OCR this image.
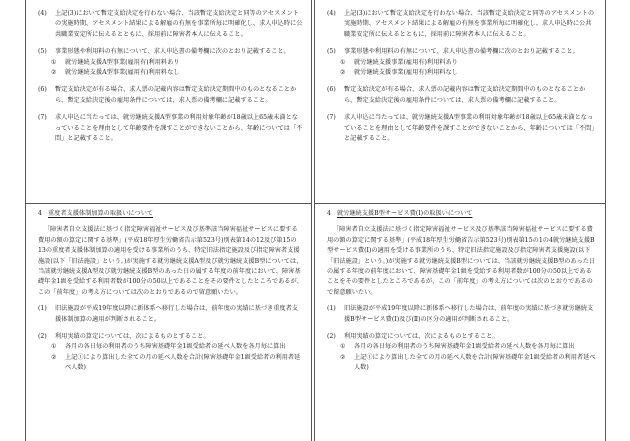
(4) 上記(3)において暫定支給決定を行わない場合、当該暫定支給決定と同等のアセスメントの実施時期、アセスメント結果による解雇の有無を事業所毎に明確化し、求人申込時に公共職業安定所に伝えるとともに、採用前に障害者本人に伝えること。

(5) 事業形態や利用料の有無について、求人申込書の備考欄に次のとおり記載すること。

① 就労継続支援A型事業(雇用有)利用料あり
② 就労継続支援A型事業(雇用有)利用料なし
(6) 暫定支給決定が有る場合、求人票の記載内容は暫定支給決定期間中のものとなることから、暫定支給決定後の雇用条件については、求人票の備考欄に記載すること。

(7) 求人申込に当たっては、就労継続支援A型事業の利用対象年齢が18歳以上65歳未満となっていることを理由として年齢要件を課すことができないことから、年齢については「不問」と記載すること。

4 重度者支援体制加算の取扱いについて

「障害者自立支援法に基づく指定障害福祉サービス及び基準該当障害福祉サービスに要する費用の額の算定に関する基準」(平成18年厚生労働省告示第523号)別表第14の12及び第15の13の重度者支援体制加算の適用を受ける事業所のうち、特定旧法指定施設及び指定障害者支援施設(以下「旧法施設」という。)が実施する就労継続支援A型及び就労継続支援B型については、当該就労継続支援A型及び就労継続支援B型のあった日の属する年度の前年度において、障害基礎年金1級を受給する利用者数が100分の50以上であることをその要件としたところであるが、この「前年度」の考え方については次のとおりであるので留意願いたい。

(1) 旧法施設が平成19年度以降に新体系へ移行した場合は、前年度の実績に基づき重度者支援体制加算の適用が判断されること。

(2) 利用実績の算定については、次によるものとすること。

① 各月の各日毎の利用者のうち障害基礎年金1級受給者の延べ人数を各月毎に算出
② 上記①により算出した全ての月の延べ人数を合計(障害基礎年金1級受給者の利用者延べ人数)
(4) 上記(3)において暫定支給決定を行わない場合、当該暫定支給決定と同等のアセスメントの実施時期、アセスメント結果による解雇の有無を事業所毎に明確化し、求人申込時に公共職業安定所に伝えるとともに、採用前に障害者本人に伝えること。

(5) 事業形態や利用料の有無について、求人申込書の備考欄に次のとおり記載すること。

① 就労継続支援事業(雇用有)利用料あり
② 就労継続支援事業(雇用有)利用料なし
(6) 暫定支給決定が有る場合、求人票の記載内容は暫定支給決定期間中のものとなることから、暫定支給決定後の雇用条件については、求人票の備考欄に記載すること。

(7) 求人申込に当たっては、就労継続支援A型事業の利用対象年齢が18歳以上65歳未満となっていることを理由として年齢要件を課すことができないことから、年齢については「不問」と記載すること。

4 就労継続支援B型サービス費(Ⅰ)の取扱いについて

「障害者自立支援法に基づく指定障害福祉サービス及び基準該当障害福祉サービスに要する費用の額の算定に関する基準」(平成18年厚生労働省告示第523号)別表第15の1の4就労継続支援B型サービス費(Ⅰ)の適用を受ける事業所のうち、特定旧法指定施設及び指定障害者支援施設(以下「旧法施設」という。)が実施する就労継続支援B型については、当該就労継続支援B型のあった日の属する年度の前年度において、障害基礎年金1級を受給する利用者数が100分の50以上であることをその要件としたところであるが、この「前年度」の考え方については次のとおりであるので留意願いたい。

(1) 旧法施設が平成19年度以降に新体系へ移行した場合は、前年度の実績に基づき就労継続支援B型サービス費(Ⅰ)及び(Ⅱ)の区分の適用が判断されること。

(2) 利用実績の算定については、次によるものとすること。

① 各月の各日毎の利用者のうち障害基礎年金1級受給者の延べ人数を各月毎に算出
② 上記①により算出した全ての月の延べ人数を合計(障害基礎年金1級受給者の利用者延べ人数)
